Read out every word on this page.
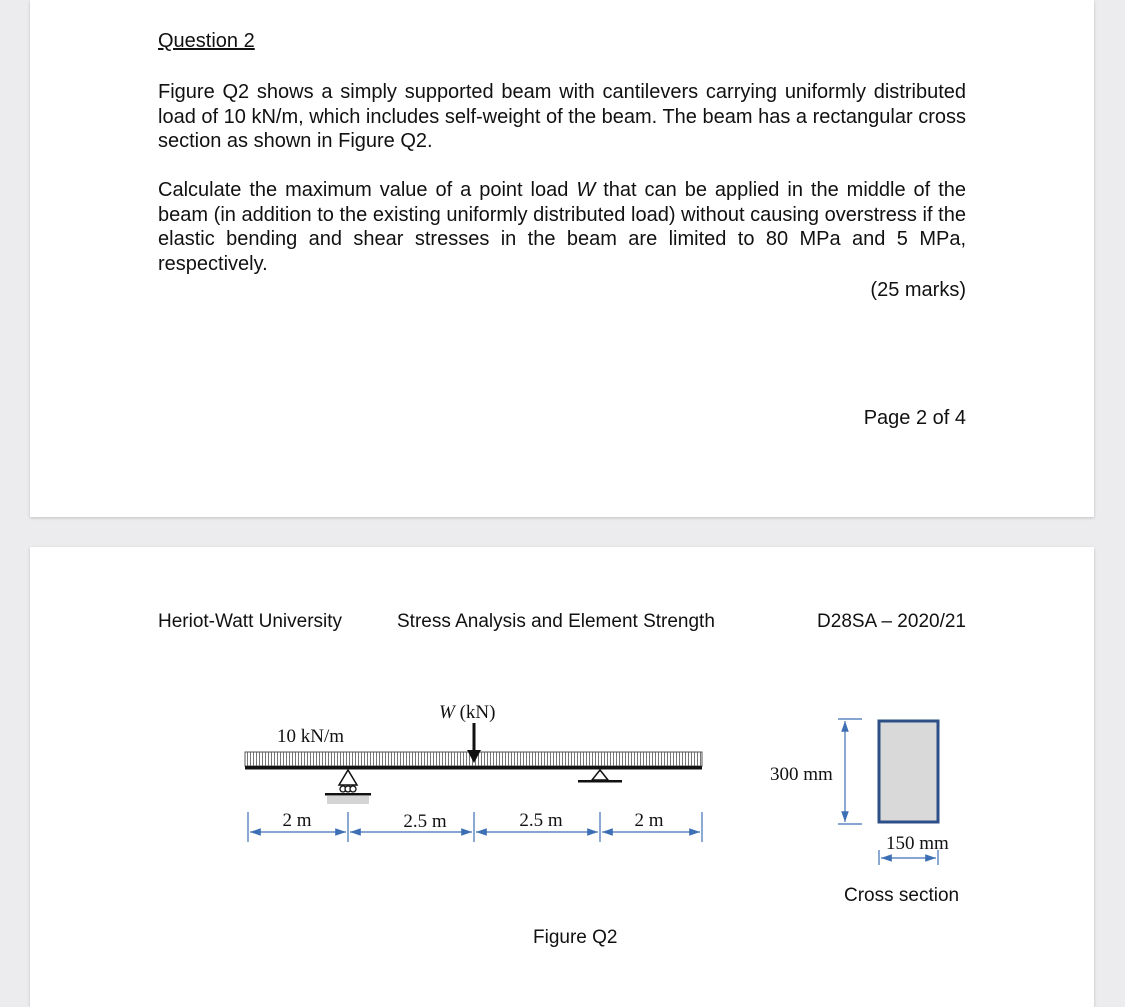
Question 2

Figure Q2 shows a simply supported beam with cantilevers carrying uniformly distributed load of 10 kN/m, which includes self-weight of the beam. The beam has a rectangular cross section as shown in Figure Q2.

Calculate the maximum value of a point load W that can be applied in the middle of the beam (in addition to the existing uniformly distributed load) without causing overstress if the elastic bending and shear stresses in the beam are limited to 80 MPa and 5 MPa, respectively.

(25 marks)
Page 2 of 4
Heriot-Watt University	Stress Analysis and Element Strength	D28SA – 2020/21
10 kN/m
W (kN)
2 m	2.5 m	2.5 m	2 m
300 mm
150 mm
Cross section
Figure Q2
